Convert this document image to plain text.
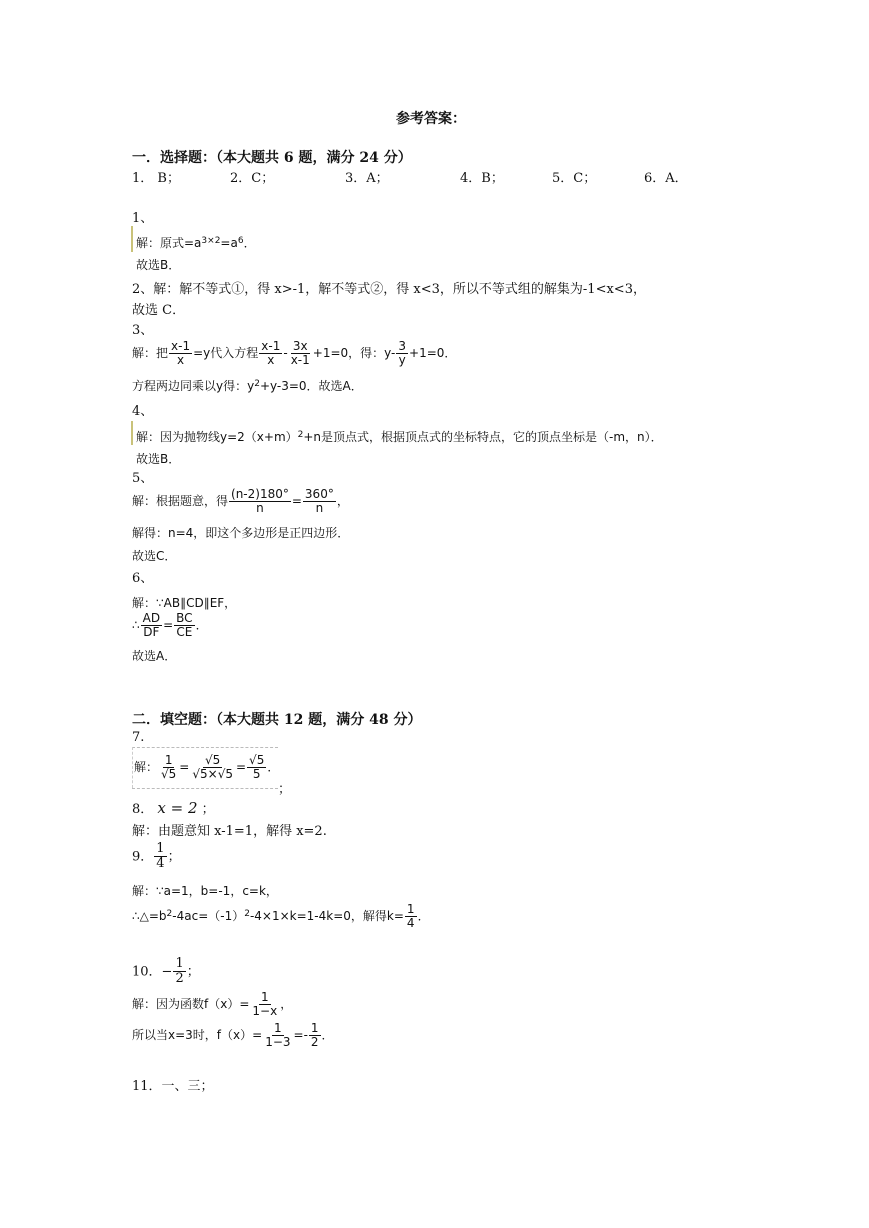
参考答案：
一．选择题：（本大题共 6 题，满分 24 分）
1． B；	2．C；	3．A；	4．B；	5．C；	6．A．
1、
解：原式$=a^{3\times 2}=a^6$．
故选B．
2、解：解不等式①，得 x>-1，解不等式②，得 x<3，所以不等式组的解集为-1<x<3，
故选 C．
3、
解：把 $\frac{x-1}{x} =y$代入方程 $\frac{x-1}{x} - \frac{3x}{x-1} +1=0$，得：$y- \frac{3}{y} +1=0$．
方程两边同乘以y得：$y^2+y-3=0$．故选A．
4、
解：因为抛物线$y=2(x+m)^2+n$是顶点式，根据顶点式的坐标特点，它的顶点坐标是（-m，n）．
故选B．
5、
解：根据题意，得 $\frac{(n-2)180^\circ}{n} = \frac{360^\circ}{n}$ ，
解得：n=4，即这个多边形是正四边形．
故选C．
6、
解：∵AB∥CD∥EF，
∴ $\frac{AD}{DF} = \frac{BC}{CE}$ ．
故选A．
二．填空题：（本大题共 12 题，满分 48 分）
7.
解： $\frac{1}{√5} = \frac{√5}{√5\times√5} = \frac{√5}{5}$ ．
；
8． x = 2 ；
解：由题意知 x-1=1，解得 x=2.
9． $\frac{1}{4}$ ；
解：∵a=1，b=-1，c=k，
$\therefore\triangle=b^2-4ac=(-1)^2-4\times 1\times k=1-4k=0$，解得$k= \frac{1}{4}$ ．
10．− $\frac{1}{2}$ ；
解：因为函数$f(x)= \frac{1}{1-x}$ ，
所以当x=3时，$f(x)= \frac{1}{1-3} =- \frac{1}{2}$ ．
11．一、三；
